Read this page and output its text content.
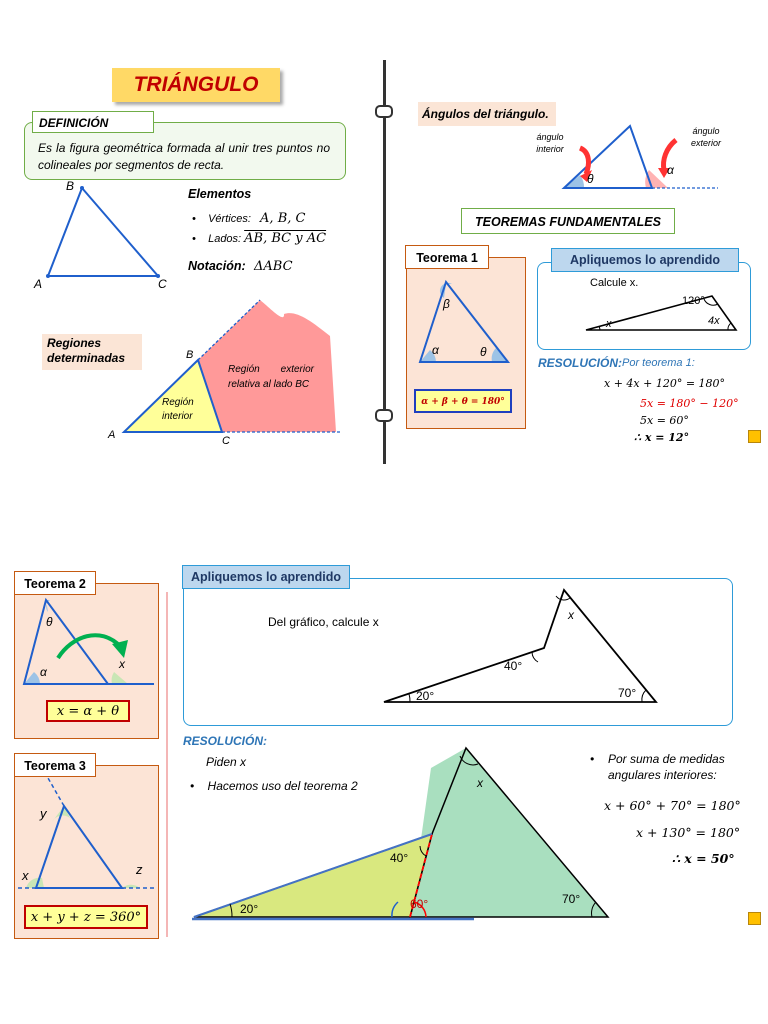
TRIÁNGULO
DEFINICIÓN
Es la figura geométrica formada al unir tres puntos no colineales por segmentos de recta.
B
A	C
Elementos
•    Vértices: A, B, C
•    Lados: AB, BC y AC
Notación: ΔABC
Regiones determinadas	B
A	C
Región interior
Región exterior relativa al lado BC
Ángulos del triángulo.
ángulo interior
ángulo exterior
θ
α
TEOREMAS FUNDAMENTALES
Teorema 1
β
α	θ
α + β + θ = 180°
Apliquemos lo aprendido
Calcule x.
120°
4x
x
RESOLUCIÓN: Por teorema 1:
x + 4x + 120° = 180°
5x = 180° − 120°
5x = 60°
∴ x = 12°
Teorema 2
θ
α
x
x = α + θ
Teorema 3
y
x	z
x + y + z = 360°
Apliquemos lo aprendido
Del gráfico, calcule x	x
40°
20°	70°
RESOLUCIÓN:
Piden x
•    Hacemos uso del teorema 2
•	Por suma de medidas angulares interiores:
x + 60° + 70° = 180°
x + 130° = 180°
∴ x = 50°
x
40°
20°
70°
60°
